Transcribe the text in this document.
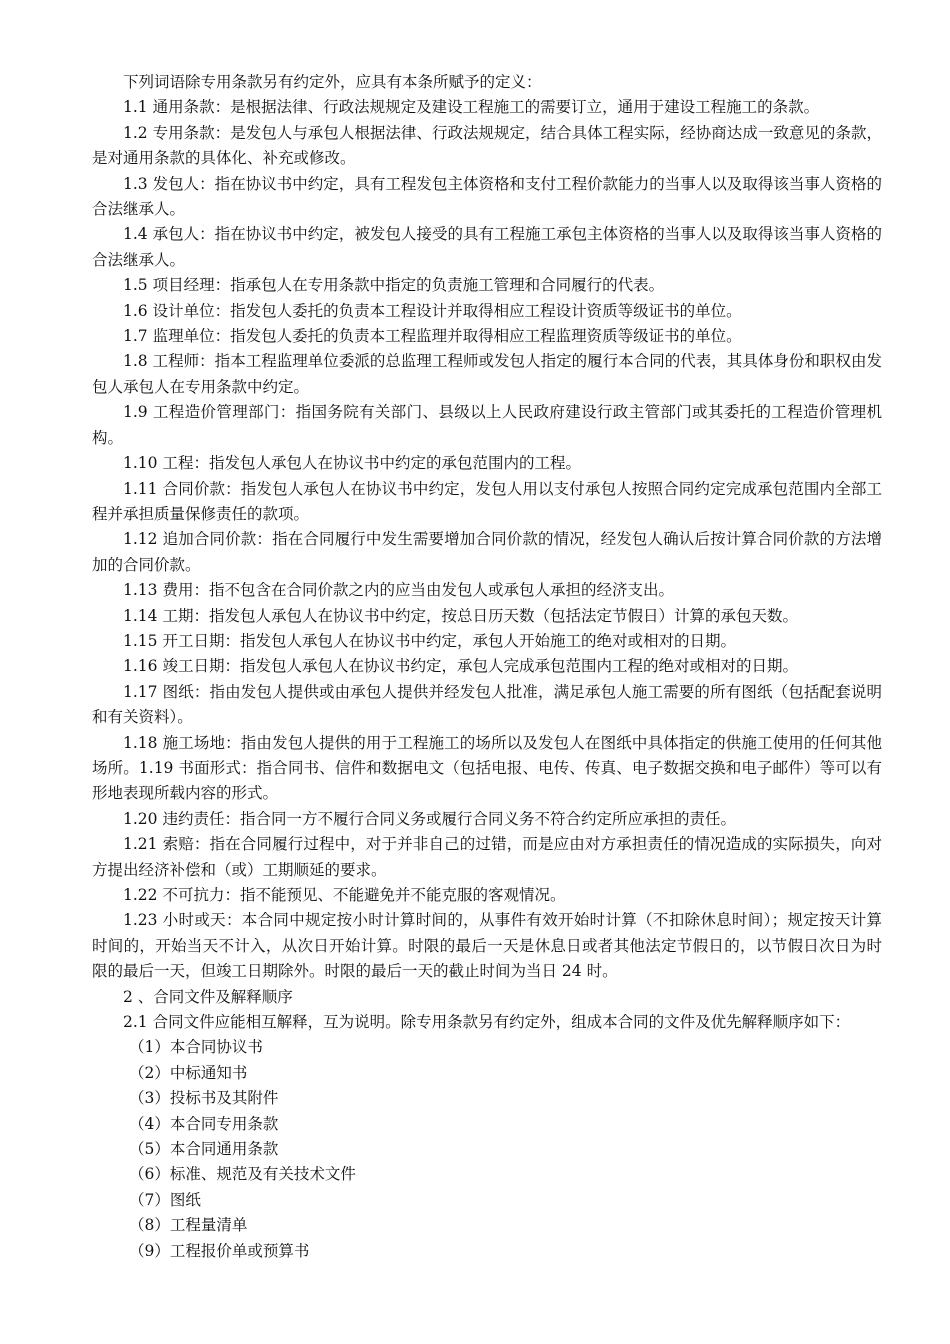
下列词语除专用条款另有约定外，应具有本条所赋予的定义：

1.1 通用条款：是根据法律、行政法规规定及建设工程施工的需要订立，通用于建设工程施工的条款。

1.2 专用条款：是发包人与承包人根据法律、行政法规规定，结合具体工程实际，经协商达成一致意见的条款，是对通用条款的具体化、补充或修改。

1.3 发包人：指在协议书中约定，具有工程发包主体资格和支付工程价款能力的当事人以及取得该当事人资格的合法继承人。

1.4 承包人：指在协议书中约定，被发包人接受的具有工程施工承包主体资格的当事人以及取得该当事人资格的合法继承人。

1.5 项目经理：指承包人在专用条款中指定的负责施工管理和合同履行的代表。

1.6 设计单位：指发包人委托的负责本工程设计并取得相应工程设计资质等级证书的单位。

1.7 监理单位：指发包人委托的负责本工程监理并取得相应工程监理资质等级证书的单位。

1.8 工程师：指本工程监理单位委派的总监理工程师或发包人指定的履行本合同的代表，其具体身份和职权由发包人承包人在专用条款中约定。

1.9 工程造价管理部门：指国务院有关部门、县级以上人民政府建设行政主管部门或其委托的工程造价管理机构。

1.10 工程：指发包人承包人在协议书中约定的承包范围内的工程。

1.11 合同价款：指发包人承包人在协议书中约定，发包人用以支付承包人按照合同约定完成承包范围内全部工程并承担质量保修责任的款项。

1.12 追加合同价款：指在合同履行中发生需要增加合同价款的情况，经发包人确认后按计算合同价款的方法增加的合同价款。

1.13 费用：指不包含在合同价款之内的应当由发包人或承包人承担的经济支出。

1.14 工期：指发包人承包人在协议书中约定，按总日历天数（包括法定节假日）计算的承包天数。

1.15 开工日期：指发包人承包人在协议书中约定，承包人开始施工的绝对或相对的日期。

1.16 竣工日期：指发包人承包人在协议书约定，承包人完成承包范围内工程的绝对或相对的日期。

1.17 图纸：指由发包人提供或由承包人提供并经发包人批准，满足承包人施工需要的所有图纸（包括配套说明和有关资料）。

1.18 施工场地：指由发包人提供的用于工程施工的场所以及发包人在图纸中具体指定的供施工使用的任何其他场所。1.19 书面形式：指合同书、信件和数据电文（包括电报、电传、传真、电子数据交换和电子邮件）等可以有形地表现所载内容的形式。

1.20 违约责任：指合同一方不履行合同义务或履行合同义务不符合约定所应承担的责任。

1.21 索赔：指在合同履行过程中，对于并非自己的过错，而是应由对方承担责任的情况造成的实际损失，向对方提出经济补偿和（或）工期顺延的要求。

1.22 不可抗力：指不能预见、不能避免并不能克服的客观情况。

1.23 小时或天：本合同中规定按小时计算时间的，从事件有效开始时计算（不扣除休息时间）；规定按天计算时间的，开始当天不计入，从次日开始计算。时限的最后一天是休息日或者其他法定节假日的，以节假日次日为时限的最后一天，但竣工日期除外。时限的最后一天的截止时间为当日 24 时。

2 、合同文件及解释顺序

2.1 合同文件应能相互解释，互为说明。除专用条款另有约定外，组成本合同的文件及优先解释顺序如下：

（1）本合同协议书

（2）中标通知书

（3）投标书及其附件

（4）本合同专用条款

（5）本合同通用条款

（6）标准、规范及有关技术文件

（7）图纸

（8）工程量清单

（9）工程报价单或预算书
